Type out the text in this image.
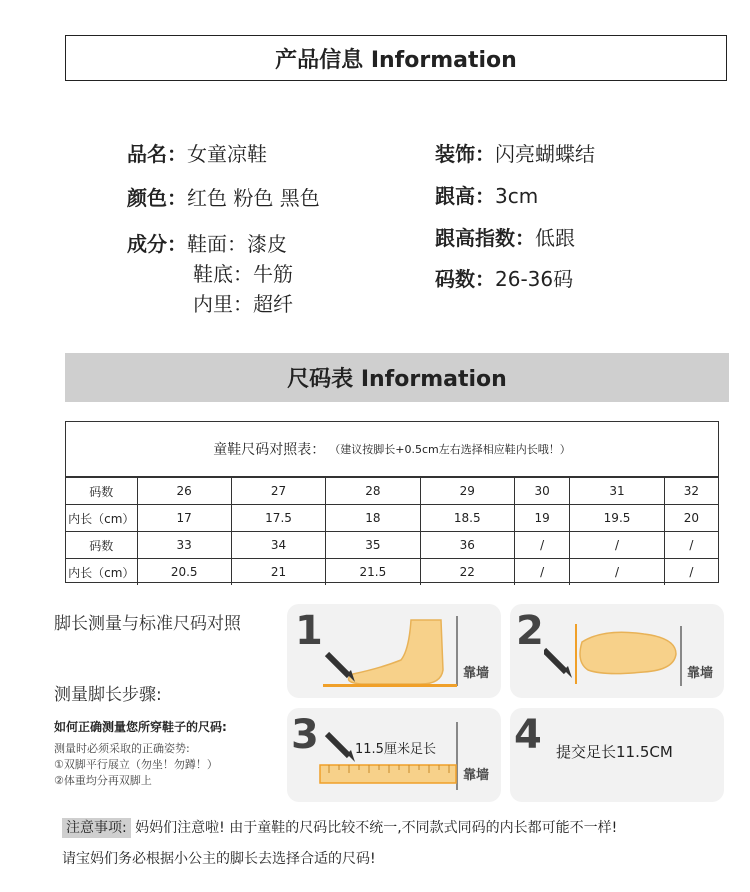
产品信息 Information
品名：女童凉鞋
颜色：红色 粉色 黑色
成分：鞋面：漆皮
鞋底：牛筋
内里：超纤
装饰：闪亮蝴蝶结
跟高：3cm
跟高指数：低跟
码数：26-36码
尺码表 Information
童鞋尺码对照表： （建议按脚长+0.5cm左右选择相应鞋内长哦！）
码数	26	27	28	29	30	31	32
内长（cm）	17	17.5	18	18.5	19	19.5	20
码数	33	34	35	36	/	/	/
内长（cm）	20.5	21	21.5	22	/	/	/
脚长测量与标准尺码对照
测量脚长步骤:
如何正确测量您所穿鞋子的尺码:
测量时必须采取的正确姿势:
①双脚平行展立（勿坐！勿蹲！）
②体重均分再双脚上
1
靠墙
2
靠墙
3	11.5厘米足长
靠墙
4 提交足长11.5CM
注意事项: 妈妈们注意啦! 由于童鞋的尺码比较不统一,不同款式同码的内长都可能不一样!
请宝妈们务必根据小公主的脚长去选择合适的尺码!
